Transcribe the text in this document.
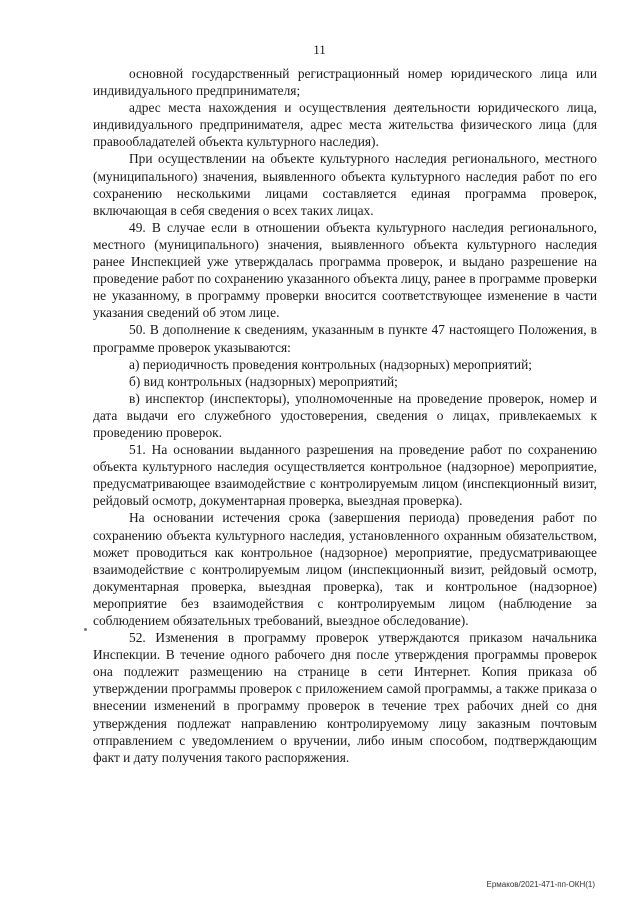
11

основной государственный регистрационный номер юридического лица или индивидуального предпринимателя;

адрес места нахождения и осуществления деятельности юридического лица, индивидуального предпринимателя, адрес места жительства физического лица (для правообладателей объекта культурного наследия).

При осуществлении на объекте культурного наследия регионального, местного (муниципального) значения, выявленного объекта культурного наследия работ по его сохранению несколькими лицами составляется единая программа проверок, включающая в себя сведения о всех таких лицах.

49. В случае если в отношении объекта культурного наследия регионального, местного (муниципального) значения, выявленного объекта культурного наследия ранее Инспекцией уже утверждалась программа проверок, и выдано разрешение на проведение работ по сохранению указанного объекта лицу, ранее в программе проверки не указанному, в программу проверки вносится соответствующее изменение в части указания сведений об этом лице.

50. В дополнение к сведениям, указанным в пункте 47 настоящего Положения, в программе проверок указываются:

а) периодичность проведения контрольных (надзорных) мероприятий;

б) вид контрольных (надзорных) мероприятий;

в) инспектор (инспекторы), уполномоченные на проведение проверок, номер и дата выдачи его служебного удостоверения, сведения о лицах, привлекаемых к проведению проверок.

51. На основании выданного разрешения на проведение работ по сохранению объекта культурного наследия осуществляется контрольное (надзорное) мероприятие, предусматривающее взаимодействие с контролируемым лицом (инспекционный визит, рейдовый осмотр, документарная проверка, выездная проверка).

На основании истечения срока (завершения периода) проведения работ по сохранению объекта культурного наследия, установленного охранным обязательством, может проводиться как контрольное (надзорное) мероприятие, предусматривающее взаимодействие с контролируемым лицом (инспекционный визит, рейдовый осмотр, документарная проверка, выездная проверка), так и контрольное (надзорное) мероприятие без взаимодействия с контролируемым лицом (наблюдение за соблюдением обязательных требований, выездное обследование).

52. Изменения в программу проверок утверждаются приказом начальника Инспекции. В течение одного рабочего дня после утверждения программы проверок она подлежит размещению на странице в сети Интернет. Копия приказа об утверждении программы проверок с приложением самой программы, а также приказа о внесении изменений в программу проверок в течение трех рабочих дней со дня утверждения подлежат направлению контролируемому лицу заказным почтовым отправлением с уведомлением о вручении, либо иным способом, подтверждающим факт и дату получения такого распоряжения.

Ермаков/2021-471-пп-ОКН(1)
